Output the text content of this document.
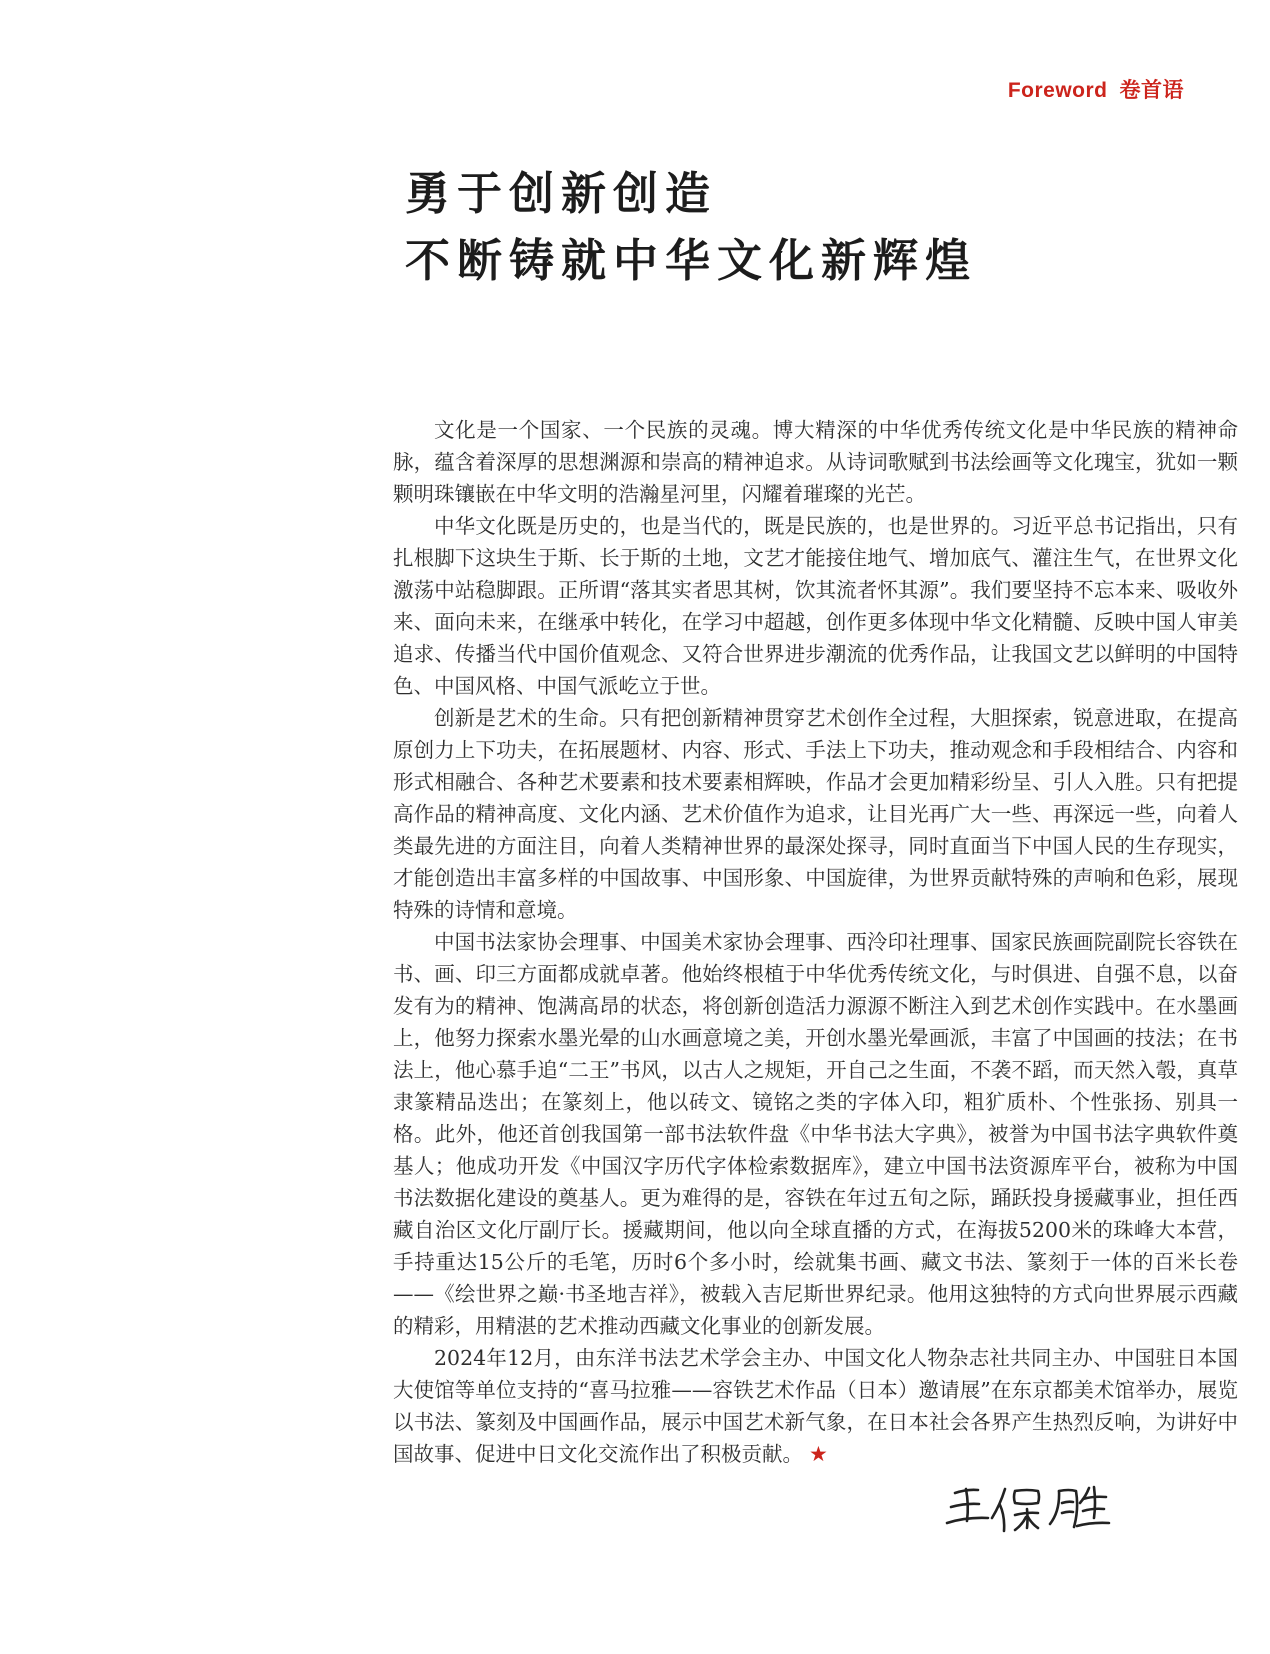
Foreword 卷首语
勇于创新创造
不断铸就中华文化新辉煌

文化是一个国家、一个民族的灵魂。博大精深的中华优秀传统文化是中华民族的精神命脉，蕴含着深厚的思想渊源和崇高的精神追求。从诗词歌赋到书法绘画等文化瑰宝，犹如一颗颗明珠镶嵌在中华文明的浩瀚星河里，闪耀着璀璨的光芒。

中华文化既是历史的，也是当代的，既是民族的，也是世界的。习近平总书记指出，只有扎根脚下这块生于斯、长于斯的土地，文艺才能接住地气、增加底气、灌注生气，在世界文化激荡中站稳脚跟。正所谓“落其实者思其树，饮其流者怀其源”。我们要坚持不忘本来、吸收外来、面向未来，在继承中转化，在学习中超越，创作更多体现中华文化精髓、反映中国人审美追求、传播当代中国价值观念、又符合世界进步潮流的优秀作品，让我国文艺以鲜明的中国特色、中国风格、中国气派屹立于世。

创新是艺术的生命。只有把创新精神贯穿艺术创作全过程，大胆探索，锐意进取，在提高原创力上下功夫，在拓展题材、内容、形式、手法上下功夫，推动观念和手段相结合、内容和形式相融合、各种艺术要素和技术要素相辉映，作品才会更加精彩纷呈、引人入胜。只有把提高作品的精神高度、文化内涵、艺术价值作为追求，让目光再广大一些、再深远一些，向着人类最先进的方面注目，向着人类精神世界的最深处探寻，同时直面当下中国人民的生存现实，才能创造出丰富多样的中国故事、中国形象、中国旋律，为世界贡献特殊的声响和色彩，展现特殊的诗情和意境。

中国书法家协会理事、中国美术家协会理事、西泠印社理事、国家民族画院副院长容铁在书、画、印三方面都成就卓著。他始终根植于中华优秀传统文化，与时俱进、自强不息，以奋发有为的精神、饱满高昂的状态，将创新创造活力源源不断注入到艺术创作实践中。在水墨画上，他努力探索水墨光晕的山水画意境之美，开创水墨光晕画派，丰富了中国画的技法；在书法上，他心慕手追“二王”书风，以古人之规矩，开自己之生面，不袭不蹈，而天然入彀，真草隶篆精品迭出；在篆刻上，他以砖文、镜铭之类的字体入印，粗犷质朴、个性张扬、别具一格。此外，他还首创我国第一部书法软件盘《中华书法大字典》，被誉为中国书法字典软件奠基人；他成功开发《中国汉字历代字体检索数据库》，建立中国书法资源库平台，被称为中国书法数据化建设的奠基人。更为难得的是，容铁在年过五旬之际，踊跃投身援藏事业，担任西藏自治区文化厅副厅长。援藏期间，他以向全球直播的方式，在海拔5200米的珠峰大本营，手持重达15公斤的毛笔，历时6个多小时，绘就集书画、藏文书法、篆刻于一体的百米长卷——《绘世界之巅·书圣地吉祥》，被载入吉尼斯世界纪录。他用这独特的方式向世界展示西藏的精彩，用精湛的艺术推动西藏文化事业的创新发展。

2024年12月，由东洋书法艺术学会主办、中国文化人物杂志社共同主办、中国驻日本国大使馆等单位支持的“喜马拉雅——容铁艺术作品（日本）邀请展”在东京都美术馆举办，展览以书法、篆刻及中国画作品，展示中国艺术新气象，在日本社会各界产生热烈反响，为讲好中国故事、促进中日文化交流作出了积极贡献。 ★
